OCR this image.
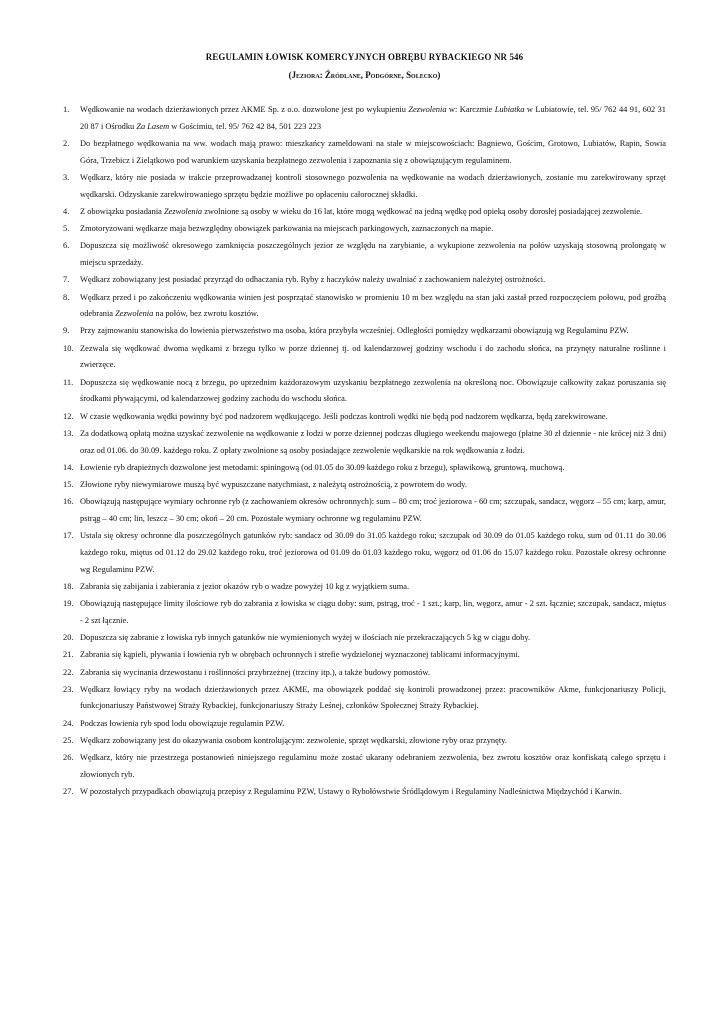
REGULAMIN ŁOWISK KOMERCYJNYCH OBRĘBU RYBACKIEGO NR 546
(Jeziora: Źródlane, Podgórne, Solecko)
1. Wędkowanie na wodach dzierżawionych przez AKME Sp. z o.o. dozwolone jest po wykupieniu Zezwolenia w: Karczmie Lubiatka w Lubiatowie, tel. 95/ 762 44 91, 602 31 20 87 i Ośrodku Za Lasem w Gościmiu, tel. 95/ 762 42 84, 501 223 223
2. Do bezpłatnego wędkowania na ww. wodach mają prawo: mieszkańcy zameldowani na stałe w miejscowościach: Bagniewo, Gościm, Grotowo, Lubiatów, Rapin, Sowia Góra, Trzebicz i Zielątkowo pod warunkiem uzyskania bezpłatnego zezwolenia i zapoznania się z obowiązującym regulaminem.
3. Wędkarz, który nie posiada w trakcie przeprowadzanej kontroli stosownego pozwolenia na wędkowanie na wodach dzierżawionych, zostanie mu zarekwirowany sprzęt wędkarski. Odzyskanie zarekwirowaniego sprzętu będzie możliwe po opłaceniu całorocznej składki.
4. Z obowiązku posiadania Zezwolenia zwolnione są osoby w wieku do 16 lat, które mogą wędkować na jedną wędkę pod opieką osoby dorosłej posiadającej zezwolenie.
5. Zmotoryzowani wędkarze maja bezwzględny obowiązek parkowania na miejscach parkingowych, zaznaczonych na mapie.
6. Dopuszcza się możliwość okresowego zamknięcia poszczególnych jezior ze względu na zarybianie, a wykupione zezwolenia na połów uzyskają stosowną prolongatę w miejscu sprzedaży.
7. Wędkarz zobowiązany jest posiadać przyrząd do odhaczania ryb. Ryby z haczyków należy uwalniać z zachowaniem należytej ostrożności.
8. Wędkarz przed i po zakończeniu wędkowania winien jest posprzątać stanowisko w promieniu 10 m bez względu na stan jaki zastał przed rozpoczęciem połowu, pod groźbą odebrania Zezwolenia na połów, bez zwrotu kosztów.
9. Przy zajmowaniu stanowiska do łowienia pierwszeństwo ma osoba, która przybyła wcześniej. Odległości pomiędzy wędkarzami obowiązują wg Regulaminu PZW.
10. Zezwala się wędkować dwoma wędkami z brzegu tylko w porze dziennej tj. od kalendarzowej godziny wschodu i do zachodu słońca, na przynęty naturalne roślinne i zwierzęce.
11. Dopuszcza się wędkowanie nocą z brzegu, po uprzednim każdorazowym uzyskaniu bezpłatnego zezwolenia na określoną noc. Obowiązuje całkowity zakaz poruszania się środkami pływającymi, od kalendarzowej godziny zachodu do wschodu słońca.
12. W czasie wędkowania wędki powinny być pod nadzorem wędkującego. Jeśli podczas kontroli wędki nie będą pod nadzorem wędkarza, będą zarekwirowane.
13. Za dodatkową opłatą można uzyskać zezwolenie na wędkowanie z łodzi w porze dziennej podczas długiego weekendu majowego (płatne 30 zł dziennie - nie krócej niż 3 dni) oraz od 01.06. do 30.09. każdego roku. Z opłaty zwolnione są osoby posiadające zezwolenie wędkarskie na rok wędkowania z łodzi.
14. Łowienie ryb drapieżnych dozwolone jest metodami: spiningową (od 01.05 do 30.09 każdego roku z brzegu), spławikową, gruntową, muchową.
15. Złowione ryby niewymiarowe muszą być wypuszczane natychmiast, z należytą ostrożnością, z powrotem do wody.
16. Obowiązują następujące wymiary ochronne ryb (z zachowaniem okresów ochronnych): sum – 80 cm; troć jeziorowa - 60 cm; szczupak, sandacz, węgorz – 55 cm; karp, amur, pstrąg – 40 cm; lin, leszcz – 30 cm; okoń – 20 cm. Pozostałe wymiary ochronne wg regulaminu PZW.
17. Ustala się okresy ochronne dla poszczególnych gatunków ryb: sandacz od 30.09 do 31.05 każdego roku; szczupak od 30.09 do 01.05 każdego roku, sum od 01.11 do 30.06 każdego roku, miętus od 01.12 do 29.02 każdego roku, troć jeziorowa od 01.09 do 01.03 każdego roku, węgorz od 01.06 do 15.07 każdego roku. Pozostałe okresy ochronne wg Regulaminu PZW.
18. Zabrania się zabijania i zabierania z jezior okazów ryb o wadze powyżej 10 kg z wyjątkiem suma.
19. Obowiązują następujące limity ilościowe ryb do zabrania z łowiska w ciągu doby: sum, pstrąg, troć - 1 szt.; karp, lin, węgorz, amur - 2 szt. łącznie; szczupak, sandacz, miętus - 2 szt łącznie.
20. Dopuszcza się zabranie z łowiska ryb innych gatunków nie wymienionych wyżej w ilościach nie przekraczających 5 kg w ciągu doby.
21. Zabrania się kąpieli, pływania i łowienia ryb w obrębach ochronnych i strefie wydzielonej wyznaczonej tablicami informacyjnymi.
22. Zabrania się wycinania drzewostanu i roślinności przybrzeżnej (trzciny itp.), a także budowy pomostów.
23. Wędkarz łowiący ryby na wodach dzierżawionych przez AKME, ma obowiązek poddać się kontroli prowadzonej przez: pracowników Akme, funkcjonariuszy Policji, funkcjonariuszy Państwowej Straży Rybackiej, funkcjonariuszy Straży Leśnej, członków Społecznej Straży Rybackiej.
24. Podczas łowienia ryb spod lodu obowiązuje regulamin PZW.
25. Wędkarz zobowiązany jest do okazywania osobom kontrolującym: zezwolenie, sprzęt wędkarski, złowione ryby oraz przynęty.
26. Wędkarz, który nie przestrzega postanowień niniejszego regulaminu może zostać ukarany odebraniem zezwolenia, bez zwrotu kosztów oraz konfiskatą całego sprzętu i złowionych ryb.
27. W pozostałych przypadkach obowiązują przepisy z Regulaminu PZW, Ustawy o Rybołówstwie Śródlądowym i Regulaminy Nadleśnictwa Międzychód i Karwin.
